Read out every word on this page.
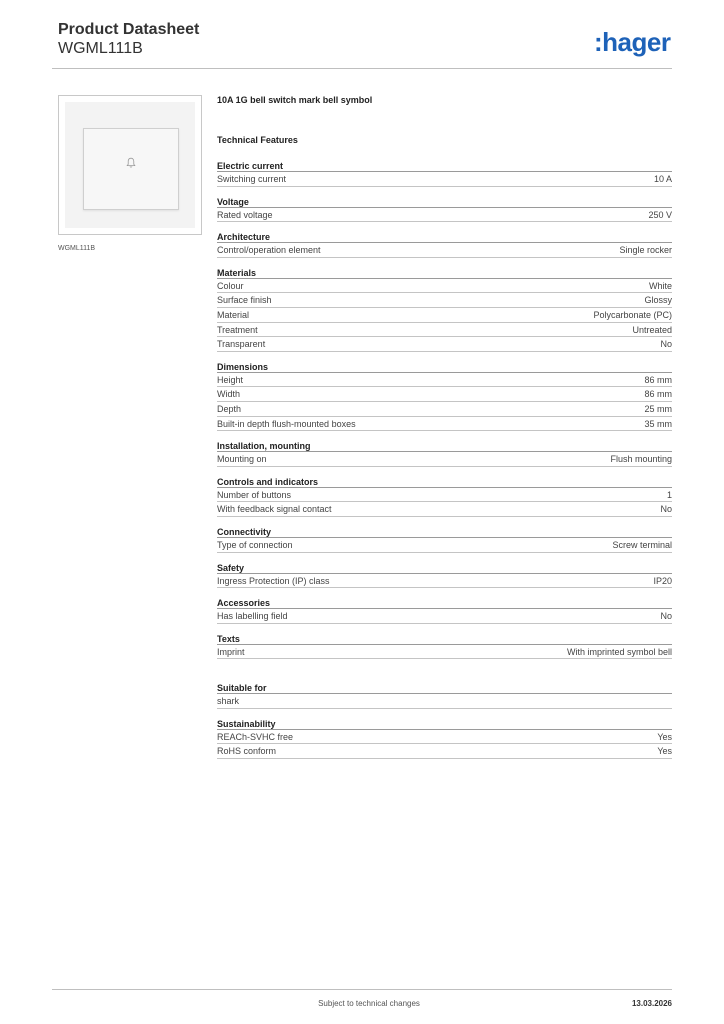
Product Datasheet
WGML111B	:hager
WGML111B
10A 1G bell switch mark bell symbol
Technical Features
Electric current
Switching current	10 A
Voltage
Rated voltage	250 V
Architecture
Control/operation element	Single rocker
Materials
Colour	White
Surface finish	Glossy
Material	Polycarbonate (PC)
Treatment	Untreated
Transparent	No
Dimensions
Height	86 mm
Width	86 mm
Depth	25 mm
Built-in depth flush-mounted boxes	35 mm
Installation, mounting
Mounting on	Flush mounting
Controls and indicators
Number of buttons	1
With feedback signal contact	No
Connectivity
Type of connection	Screw terminal
Safety
Ingress Protection (IP) class	IP20
Accessories
Has labelling field	No
Texts
Imprint	With imprinted symbol bell
Suitable for
shark
Sustainability
REACh-SVHC free	Yes
RoHS conform	Yes
Subject to technical changes	13.03.2026
